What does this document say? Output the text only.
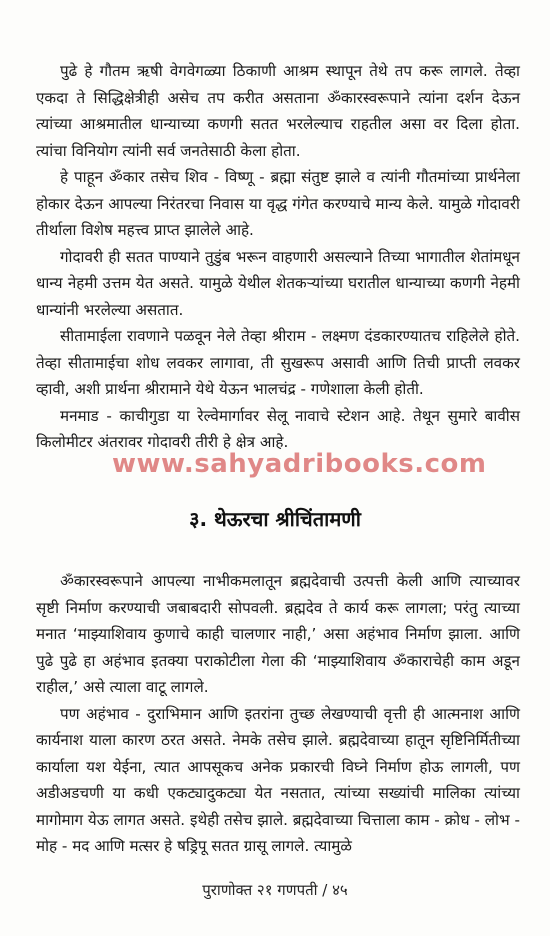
पुढे हे गौतम ऋषी वेगवेगळ्या ठिकाणी आश्रम स्थापून तेथे तप करू लागले. तेव्हा एकदा ते सिद्धिक्षेत्रीही असेच तप करीत असताना ॐकारस्वरूपाने त्यांना दर्शन देऊन त्यांच्या आश्रमातील धान्याच्या कणगी सतत भरलेल्याच राहतील असा वर दिला होता. त्यांचा विनियोग त्यांनी सर्व जनतेसाठी केला होता.

हे पाहून ॐकार तसेच शिव - विष्णू - ब्रह्मा संतुष्ट झाले व त्यांनी गौतमांच्या प्रार्थनेला होकार देऊन आपल्या निरंतरचा निवास या वृद्ध गंगेत करण्याचे मान्य केले. यामुळे गोदावरी तीर्थाला विशेष महत्त्व प्राप्त झालेले आहे.

गोदावरी ही सतत पाण्याने तुडुंब भरून वाहणारी असल्याने तिच्या भागातील शेतांमधून धान्य नेहमी उत्तम येत असते. यामुळे येथील शेतकऱ्यांच्या घरातील धान्याच्या कणगी नेहमी धान्यांनी भरलेल्या असतात.

सीतामाईला रावणाने पळवून नेले तेव्हा श्रीराम - लक्ष्मण दंडकारण्यातच राहिलेले होते. तेव्हा सीतामाईचा शोध लवकर लागावा, ती सुखरूप असावी आणि तिची प्राप्ती लवकर व्हावी, अशी प्रार्थना श्रीरामाने येथे येऊन भालचंद्र - गणेशाला केली होती.

मनमाड - काचीगुडा या रेल्वेमार्गावर सेलू नावाचे स्टेशन आहे. तेथून सुमारे बावीस किलोमीटर अंतरावर गोदावरी तीरी हे क्षेत्र आहे.

www.sahyadribooks.com
३. थेऊरचा श्रीचिंतामणी

ॐकारस्वरूपाने आपल्या नाभीकमलातून ब्रह्मदेवाची उत्पत्ती केली आणि त्याच्यावर सृष्टी निर्माण करण्याची जबाबदारी सोपवली. ब्रह्मदेव ते कार्य करू लागला; परंतु त्याच्या मनात ‘माझ्याशिवाय कुणाचे काही चालणार नाही,’ असा अहंभाव निर्माण झाला. आणि पुढे पुढे हा अहंभाव इतक्या पराकोटीला गेला की ‘माझ्याशिवाय ॐकाराचेही काम अडून राहील,’ असे त्याला वाटू लागले.

पण अहंभाव - दुराभिमान आणि इतरांना तुच्छ लेखण्याची वृत्ती ही आत्मनाश आणि कार्यनाश याला कारण ठरत असते. नेमके तसेच झाले. ब्रह्मदेवाच्या हातून सृष्टिनिर्मितीच्या कार्याला यश येईना, त्यात आपसूकच अनेक प्रकारची विघ्ने निर्माण होऊ लागली, पण अडीअडचणी या कधी एकट्यादुकट्या येत नसतात, त्यांच्या सख्यांची मालिका त्यांच्या मागोमाग येऊ लागत असते. इथेही तसेच झाले. ब्रह्मदेवाच्या चित्ताला काम - क्रोध - लोभ - मोह - मद आणि मत्सर हे षड्रिपू सतत ग्रासू लागले. त्यामुळे

पुराणोक्त २१ गणपती / ४५
